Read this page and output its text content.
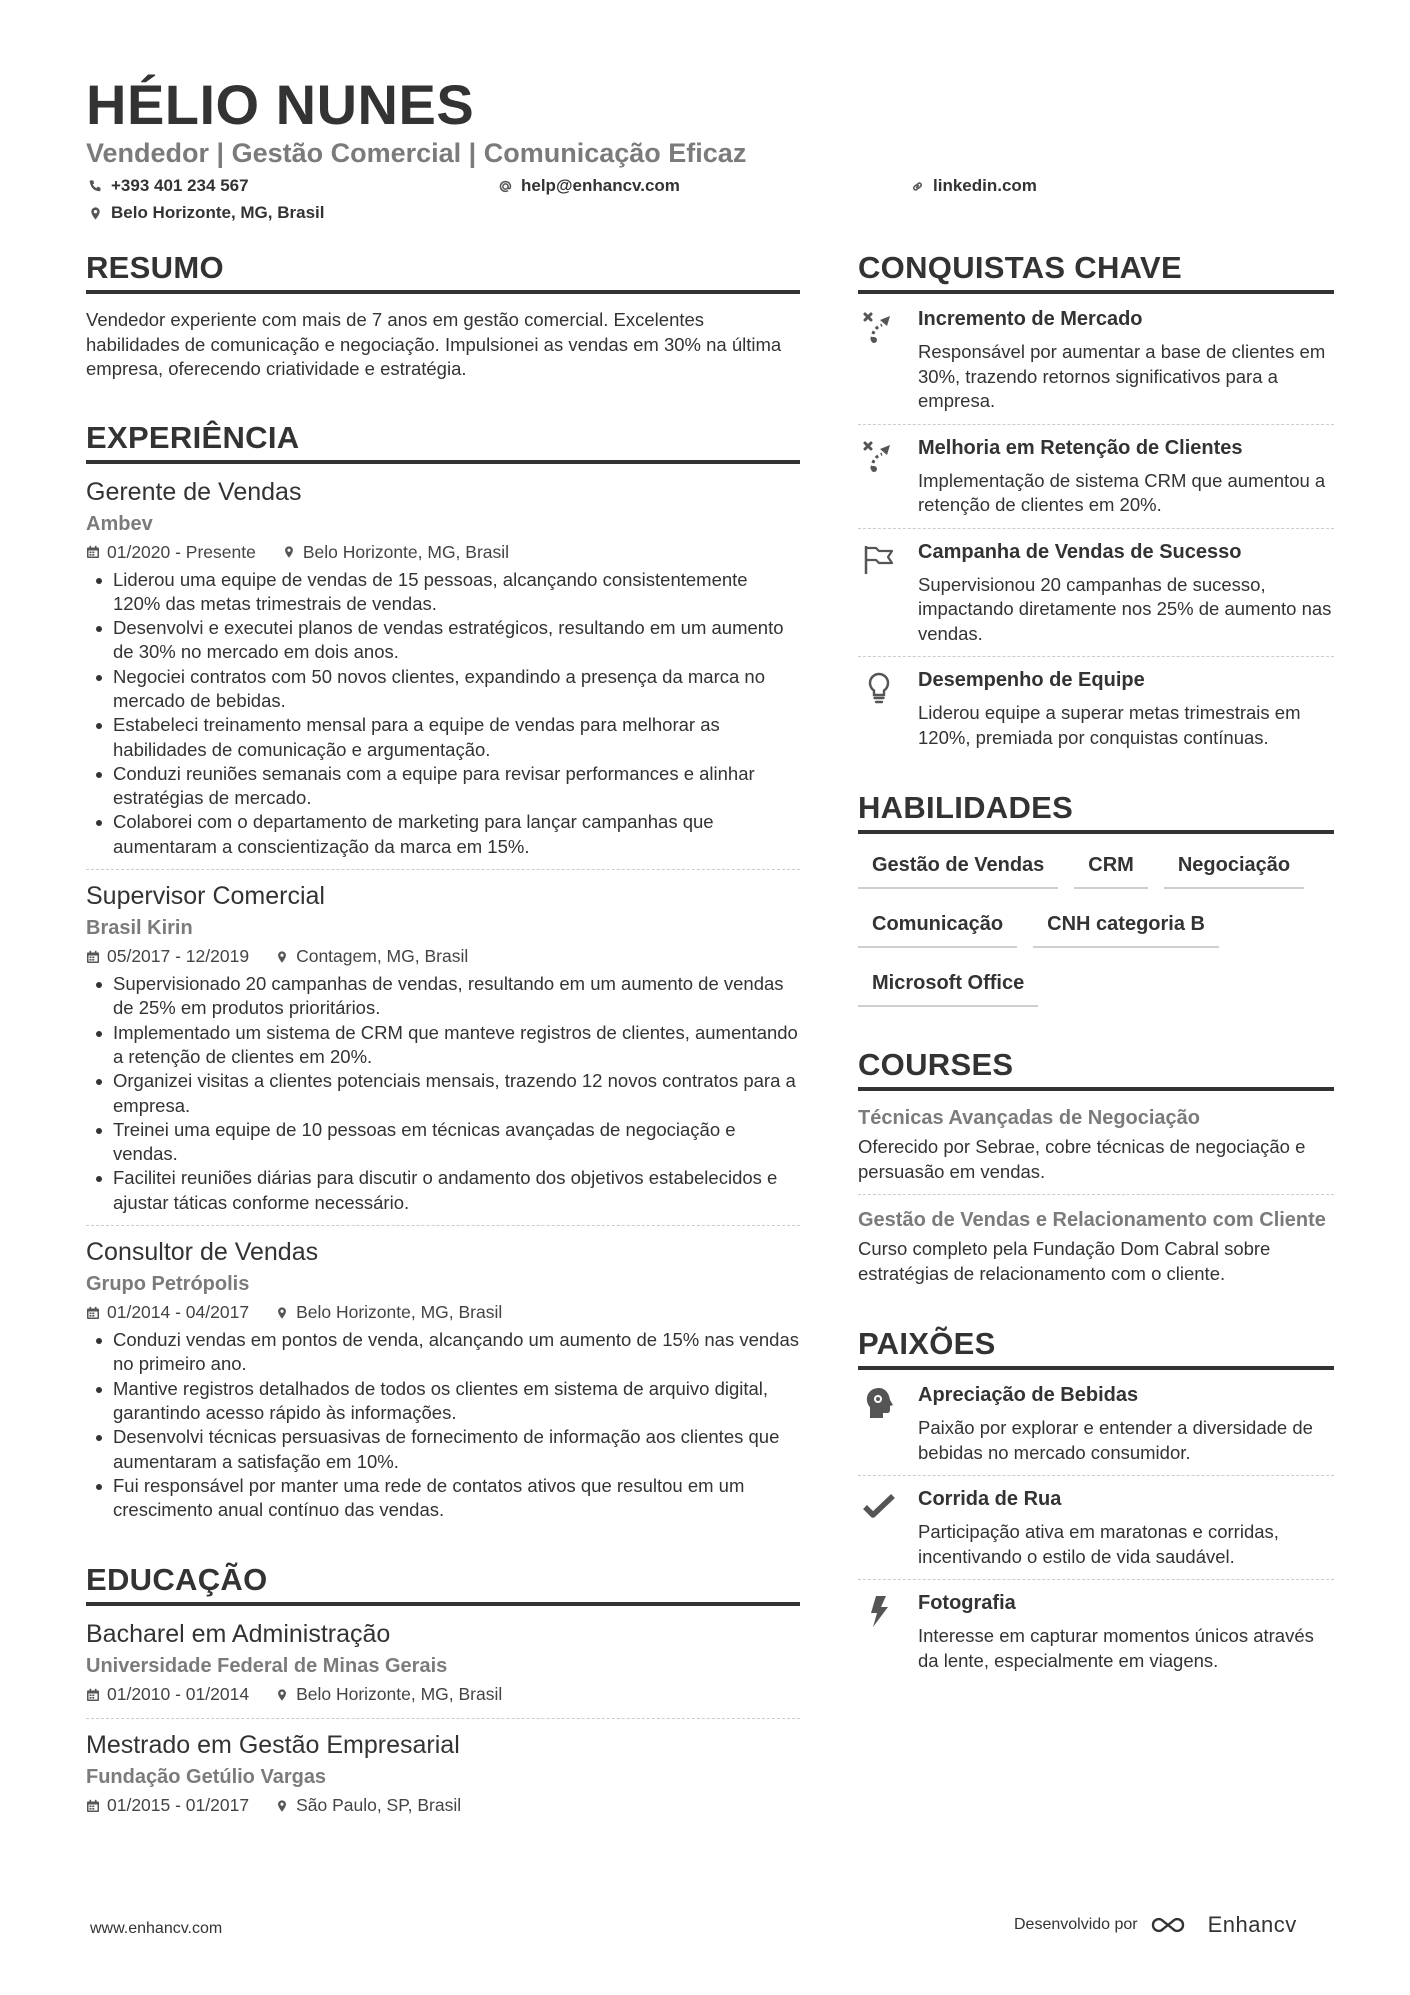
HÉLIO NUNES
Vendedor | Gestão Comercial | Comunicação Eficaz
+393 401 234 567	help@enhancv.com	linkedin.com
Belo Horizonte, MG, Brasil
RESUMO
Vendedor experiente com mais de 7 anos em gestão comercial. Excelentes habilidades de comunicação e negociação. Impulsionei as vendas em 30% na última empresa, oferecendo criatividade e estratégia.
EXPERIÊNCIA
Gerente de Vendas
Ambev
01/2020 - Presente	Belo Horizonte, MG, Brasil
Liderou uma equipe de vendas de 15 pessoas, alcançando consistentemente 120% das metas trimestrais de vendas.
Desenvolvi e executei planos de vendas estratégicos, resultando em um aumento de 30% no mercado em dois anos.
Negociei contratos com 50 novos clientes, expandindo a presença da marca no mercado de bebidas.
Estabeleci treinamento mensal para a equipe de vendas para melhorar as habilidades de comunicação e argumentação.
Conduzi reuniões semanais com a equipe para revisar performances e alinhar estratégias de mercado.
Colaborei com o departamento de marketing para lançar campanhas que aumentaram a conscientização da marca em 15%.
Supervisor Comercial
Brasil Kirin
05/2017 - 12/2019	Contagem, MG, Brasil
Supervisionado 20 campanhas de vendas, resultando em um aumento de vendas de 25% em produtos prioritários.
Implementado um sistema de CRM que manteve registros de clientes, aumentando a retenção de clientes em 20%.
Organizei visitas a clientes potenciais mensais, trazendo 12 novos contratos para a empresa.
Treinei uma equipe de 10 pessoas em técnicas avançadas de negociação e vendas.
Facilitei reuniões diárias para discutir o andamento dos objetivos estabelecidos e ajustar táticas conforme necessário.
Consultor de Vendas
Grupo Petrópolis
01/2014 - 04/2017	Belo Horizonte, MG, Brasil
Conduzi vendas em pontos de venda, alcançando um aumento de 15% nas vendas no primeiro ano.
Mantive registros detalhados de todos os clientes em sistema de arquivo digital, garantindo acesso rápido às informações.
Desenvolvi técnicas persuasivas de fornecimento de informação aos clientes que aumentaram a satisfação em 10%.
Fui responsável por manter uma rede de contatos ativos que resultou em um crescimento anual contínuo das vendas.
EDUCAÇÃO
Bacharel em Administração
Universidade Federal de Minas Gerais
01/2010 - 01/2014	Belo Horizonte, MG, Brasil
Mestrado em Gestão Empresarial
Fundação Getúlio Vargas
01/2015 - 01/2017	São Paulo, SP, Brasil
CONQUISTAS CHAVE
Incremento de Mercado
Responsável por aumentar a base de clientes em 30%, trazendo retornos significativos para a empresa.
Melhoria em Retenção de Clientes
Implementação de sistema CRM que aumentou a retenção de clientes em 20%.
Campanha de Vendas de Sucesso
Supervisionou 20 campanhas de sucesso, impactando diretamente nos 25% de aumento nas vendas.
Desempenho de Equipe
Liderou equipe a superar metas trimestrais em 120%, premiada por conquistas contínuas.
HABILIDADES
Gestão de Vendas	CRM	Negociação
Comunicação	CNH categoria B
Microsoft Office
COURSES
Técnicas Avançadas de Negociação
Oferecido por Sebrae, cobre técnicas de negociação e persuasão em vendas.
Gestão de Vendas e Relacionamento com Cliente
Curso completo pela Fundação Dom Cabral sobre estratégias de relacionamento com o cliente.
PAIXÕES
Apreciação de Bebidas
Paixão por explorar e entender a diversidade de bebidas no mercado consumidor.
Corrida de Rua
Participação ativa em maratonas e corridas, incentivando o estilo de vida saudável.
Fotografia
Interesse em capturar momentos únicos através da lente, especialmente em viagens.
www.enhancv.com	Desenvolvido por	Enhancv
